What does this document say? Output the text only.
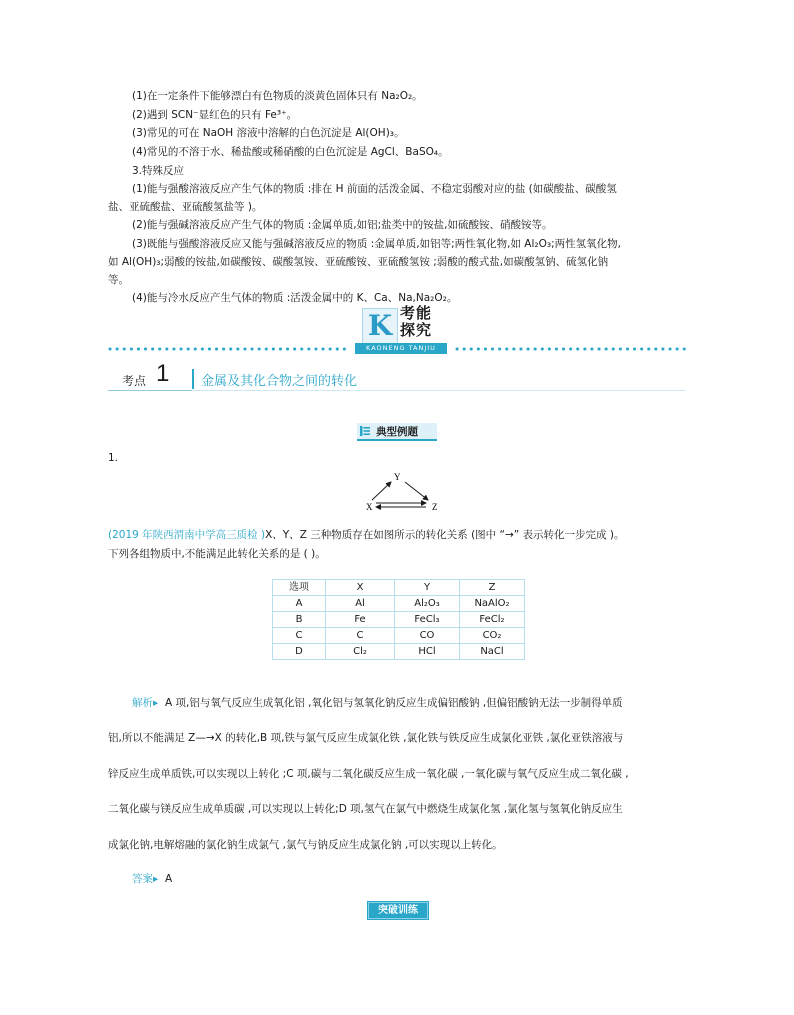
(1)在一定条件下能够漂白有色物质的淡黄色固体只有 Na₂O₂。
(2)遇到 SCN⁻显红色的只有 Fe³⁺。
(3)常见的可在 NaOH 溶液中溶解的白色沉淀是 Al(OH)₃。
(4)常见的不溶于水、稀盐酸或稀硝酸的白色沉淀是 AgCl、BaSO₄。
3.特殊反应
(1)能与强酸溶液反应产生气体的物质 :排在 H 前面的活泼金属、不稳定弱酸对应的盐 (如碳酸盐、碳酸氢
盐、亚硫酸盐、亚硫酸氢盐等 )。
(2)能与强碱溶液反应产生气体的物质 :金属单质,如铝;盐类中的铵盐,如硫酸铵、硝酸铵等。
(3)既能与强酸溶液反应又能与强碱溶液反应的物质 :金属单质,如铝等;两性氧化物,如 Al₂O₃;两性氢氧化物,
如 Al(OH)₃;弱酸的铵盐,如碳酸铵、碳酸氢铵、亚硫酸铵、亚硫酸氢铵 ;弱酸的酸式盐,如碳酸氢钠、硫氢化钠
等。
(4)能与冷水反应产生气体的物质 :活泼金属中的 K、Ca、Na,Na₂O₂。
K 考能探究
KAONENG TANJIU
考点 1 金属及其化合物之间的转化
典型例题
1.
Y
X	Z
(2019 年陕西渭南中学高三质检 )X、Y、Z 三种物质存在如图所示的转化关系 (图中 “→” 表示转化一步完成 )。
下列各组物质中,不能满足此转化关系的是 ( )。
选项	X	Y	Z
A	Al	Al₂O₃	NaAlO₂
B	Fe	FeCl₃	FeCl₂
C	C	CO	CO₂
D	Cl₂	HCl	NaCl
解析▸ A 项,铝与氧气反应生成氧化铝 ,氧化铝与氢氧化钠反应生成偏铝酸钠 ,但偏铝酸钠无法一步制得单质
铝,所以不能满足 Z—→X 的转化,B 项,铁与氯气反应生成氯化铁 ,氯化铁与铁反应生成氯化亚铁 ,氯化亚铁溶液与
锌反应生成单质铁,可以实现以上转化 ;C 项,碳与二氧化碳反应生成一氧化碳 ,一氧化碳与氧气反应生成二氧化碳 ,
二氧化碳与镁反应生成单质碳 ,可以实现以上转化;D 项,氢气在氯气中燃烧生成氯化氢 ,氯化氢与氢氧化钠反应生
成氯化钠,电解熔融的氯化钠生成氯气 ,氯气与钠反应生成氯化钠 ,可以实现以上转化。
答案▸ A
突破训练
